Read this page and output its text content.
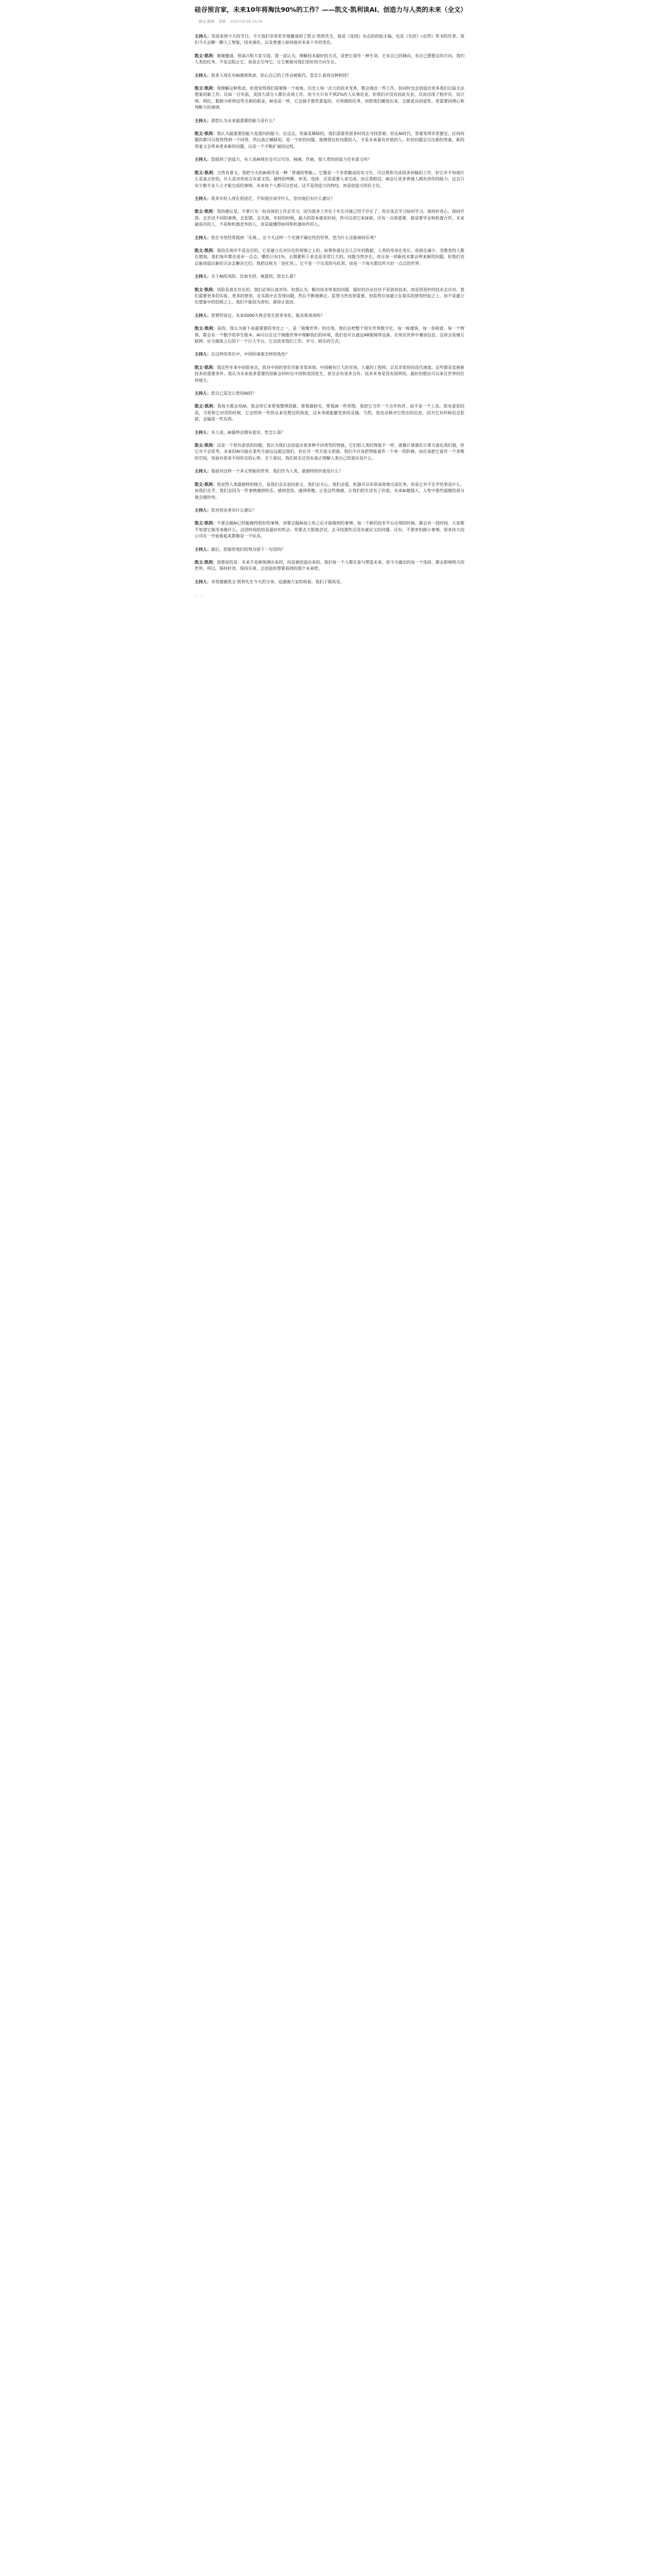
硅谷预言家，未来10年将淘汰90%的工作？——凯文·凯利谈AI、创造力与人类的未来（全文）
凯文·凯利 书单 2024-04-28 18:08

主持人：欢迎来到今天的节目。今天我们非常荣幸地邀请到了凯文·凯利先生，他是《连线》杂志的创始主编，也是《失控》《必然》等书的作者。我们今天会聊一聊人工智能、技术演化、以及普通人如何面对未来十年的变化。

凯文·凯利：谢谢邀请，很高兴和大家交流。我一直认为，理解技术最好的方式，是把它看作一种生命，它有自己的倾向，有自己想要去的方向。我们人类的任务，不是去阻止它，而是去引导它，让它朝着对我们更好的方向生长。

主持人：很多人现在对AI感到焦虑，担心自己的工作会被取代。您怎么看待这种担忧？

凯文·凯利：我理解这种焦虑，但我觉得我们需要换一个视角。历史上每一次大的技术变革，都会淘汰一些工作，但同时也会创造出更多我们以前无法想象的新工作。比如一百年前，美国大部分人都在农场工作，而今天只有不到2%的人从事农业，但我们并没有因此失业，反而出现了程序员、设计师、网红、数据分析师这些全新的职业。AI也是一样，它会接手那些重复的、可预测的任务，而把我们解放出来，去做更具创造性、更需要同理心和判断力的事情。

主持人：那您认为未来最重要的能力是什么？

凯文·凯利：我认为最重要的能力是提问的能力。在过去，答案是稀缺的，我们需要花很多时间去寻找答案；但在AI时代，答案变得非常便宜，任何问题你都可以很快得到一个回答。所以真正稀缺的，是一个好的问题。能够提出好问题的人，才是未来最有价值的人。好的问题会引出新的答案，新的答案又会带来更多新的问题，这是一个不断扩展的过程。

主持人：您提到了创造力，有人说AI现在也可以写诗、画画、作曲，那人类的创造力还有意义吗？

凯文·凯利：当然有意义。我把今天的AI看作是一种「普通的智能」，它像是一个非常勤奋的实习生，可以帮你完成很多初稿的工作，但它并不知道什么是真正好的，什么是对你而言有意义的。最终的判断、审美、选择，还是需要人来完成。而且我相信，AI会让更多普通人拥有创作的能力，过去只有少数专业人士才能完成的事情，未来每个人都可以尝试。这不是创造力的终结，而是创造力的民主化。

主持人：很多年轻人现在很迷茫，不知道应该学什么，您对他们有什么建议？

凯文·凯利：我的建议是，不要只为一份具体的工作去学习，因为很多工作在十年后可能已经不存在了。你应该去学习如何学习，保持好奇心，保持开放。去尝试不同的事情，去犯错，去失败。年轻的时候，最大的资本就是时间，你可以用它来探索。还有一点很重要，就是要学会和机器合作。未来最成功的人，不是和机器竞争的人，而是最懂得如何和机器协作的人。

主持人：您在书里经常提到「乐观」，在今天这样一个充满不确定性的世界，您为什么还能保持乐观？

凯文·凯利：我的乐观并不是盲目的，它是建立在对历史的观察之上的。如果你看过去几百年的数据，人类的寿命在变长，贫困在减少，受教育的人数在增加，我们每年都在进步一点点，哪怕只有1%，长期累积下来也是非常巨大的。问题当然存在，而且每一项新技术都会带来新的问题，但我们也总能创造出新的方法去解决它们。我把这称为「进托邦」，它不是一个完美的乌托邦，而是一个每天都比昨天好一点点的世界。

主持人：关于AI的风险，比如失控、被滥用，您怎么看？

凯文·凯利：风险是真实存在的，我们必须认真对待。但我认为，解决技术带来的问题，最好的办法往往不是放弃技术，而是用更好的技术去应对。我们需要更多的实验、更多的使用，在实践中去发现问题，然后不断地修正。监管当然也很重要，但监管应该建立在真实的使用经验之上，而不是建立在想象中的恐惧之上。我们不能因为害怕，就停止前进。

主持人：您曾经说过，未来5000天将会发生很多变化，能具体谈谈吗？

凯文·凯利：是的，我认为接下来最重要的变化之一，是「镜像世界」的出现。我们会把整个现实世界数字化，每一栋建筑、每一条街道、每一个物体，都会有一个数字的孪生版本。AI可以在这个镜像世界中理解我们的环境，我们也可以通过AR眼镜等设备，在现实世界中叠加信息。这将会是继互联网、社交媒体之后的下一个巨大平台，它会改变我们工作、学习、娱乐的方式。

主持人：在这样的变化中，中国扮演着怎样的角色？

凯文·凯利：我这些年来中国很多次，我对中国的变化印象非常深刻。中国拥有巨大的市场、大量的工程师，以及非常快的迭代速度，这些都是发展新技术的重要条件。我认为未来很多重要的创新会同时在中国和美国发生，甚至会有更多合作。技术本身是没有国界的，最好的想法可以来自世界的任何地方。

主持人：您自己是怎么使用AI的？

凯文·凯利：我每天都会用AI。我会用它来帮我整理思路，帮我做研究，帮我画一些草图。我把它当作一个合作伙伴，而不是一个工具。很有意思的是，当你和它对话的时候，它会给你一些你从来没想过的角度，这本身就能激发你的灵感。当然，我也会核对它给出的信息，因为它有时候也会犯错，会编造一些东西。

主持人：有人说，AI最终会拥有意识，您怎么看？

凯文·凯利：这是一个很有意思的问题。我认为我们会创造出很多种不同类型的智能，它们和人类的智能不一样，就像计算器在计算方面比我们强，但它并不会思考。未来的AI可能在某些方面远远超过我们，但在另一些方面又很弱。我们不应该把智能看作一个单一的阶梯，而应该把它看作一个多维的空间，里面有很多不同形态的心智。至于意识，我们甚至还没有真正理解人类自己的意识是什么。

主持人：那面对这样一个多元智能的世界，我们作为人类，最独特的价值是什么？

凯文·凯利：我觉得人类最独特的地方，是我们会去追问意义，我们会关心，我们会爱。机器可以非常高效地完成任务，但是它并不在乎结果是什么。而我们在乎，我们会因为一件事情感到快乐、感到悲伤、感到骄傲。正是这些情感，让我们的生活有了价值。未来AI越强大，人性中那些温暖的部分就会越珍贵。

主持人：您对创业者有什么建议？

凯文·凯利：不要去做AI已经能做得很好的事情，而要去做AI加上你之后才能做到的事情。每一个新的技术平台出现的时候，都会有一段时间，大家都不知道它能用来做什么。这段时间恰恰是最好的机会。你要去大胆地尝试，去寻找那些还没有被定义的问题。还有，不要害怕做小事情，很多伟大的公司在一开始看起来都像是一个玩具。

主持人：最后，您能给我们的观众留下一句话吗？

凯文·凯利：我想说的是：未来不是被预测出来的，而是被创造出来的。我们每一个人都在参与塑造未来，你今天做出的每一个选择，都会影响明天的世界。所以，保持好奇，保持乐观，去创造你想要看到的那个未来吧。

主持人：非常感谢凯文·凯利先生今天的分享，也感谢大家的收看。我们下期再见。

……
